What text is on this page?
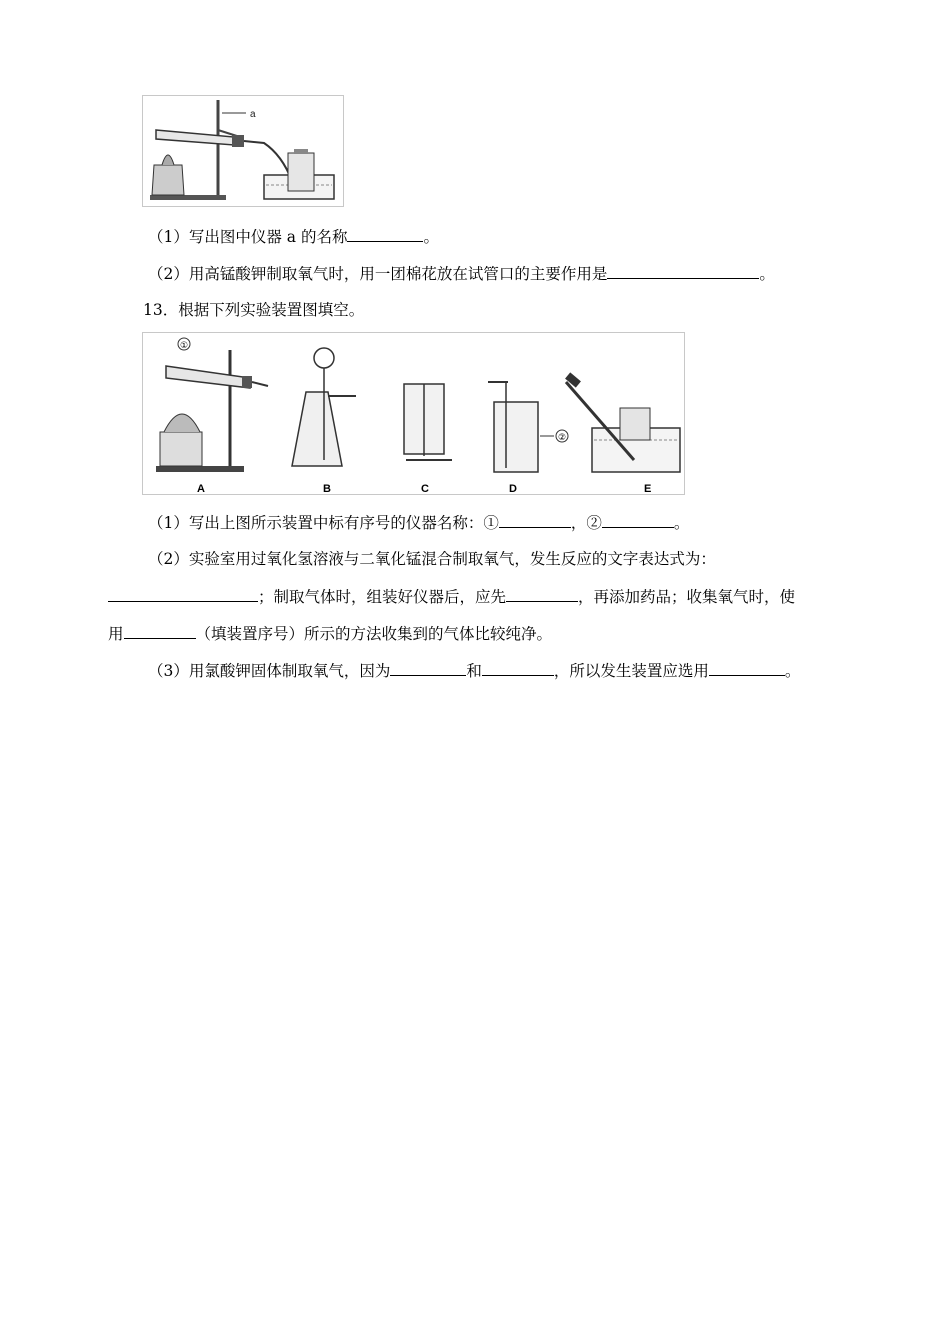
a
（1）写出图中仪器 a 的名称	。
（2）用高锰酸钾制取氧气时，用一团棉花放在试管口的主要作用是	。
13．根据下列实验装置图填空。
①
A	B	C
②
D	E
（1）写出上图所示装置中标有序号的仪器名称：①	，②	。
（2）实验室用过氧化氢溶液与二氧化锰混合制取氧气，发生反应的文字表达式为：
；制取气体时，组装好仪器后，应先	，再添加药品；收集氧气时，使
用	（填装置序号）所示的方法收集到的气体比较纯净。
（3）用氯酸钾固体制取氧气，因为	和	，所以发生装置应选用	。
